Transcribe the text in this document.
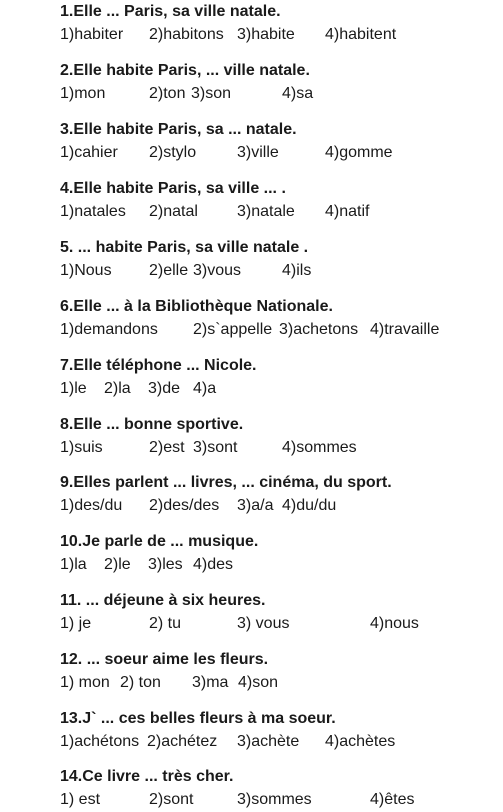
1.Elle ... Paris, sa ville natale.
1)habiter 2)habitons 3)habite 4)habitent
2.Elle habite Paris, ... ville natale.
1)mon	2)ton 3)son	4)sa
3.Elle habite Paris, sa ... natale.
1)cahier 2)stylo	3)ville	4)gomme
4.Elle habite Paris, sa ville ... .
1)natales 2)natal 3)natale 4)natif
5. ... habite Paris, sa ville natale .
1)Nous 2)elle 3)vous	4)ils
6.Elle ... à la Bibliothèque Nationale.
1)demandons 2)s`appelle 3)achetons 4)travaille
7.Elle téléphone ... Nicole.
1)le 2)la 3)de 4)a
8.Elle ... bonne sportive.
1)suis	2)est 3)sont	4)sommes
9.Elles parlent ... livres, ... cinéma, du sport.
1)des/du 2)des/des 3)a/a 4)du/du
10.Je parle de ... musique.
1)la 2)le 3)les 4)des
11. ... déjeune à six heures.
1) je	2) tu	3) vous	4)nous
12. ... soeur aime les fleurs.
1) mon 2) ton 3)ma 4)son
13.J` ... ces belles fleurs à ma soeur.
1)achétons 2)achétez 3)achète 4)achètes
14.Ce livre ... très cher.
1) est	2)sont	3)sommes	4)êtes
